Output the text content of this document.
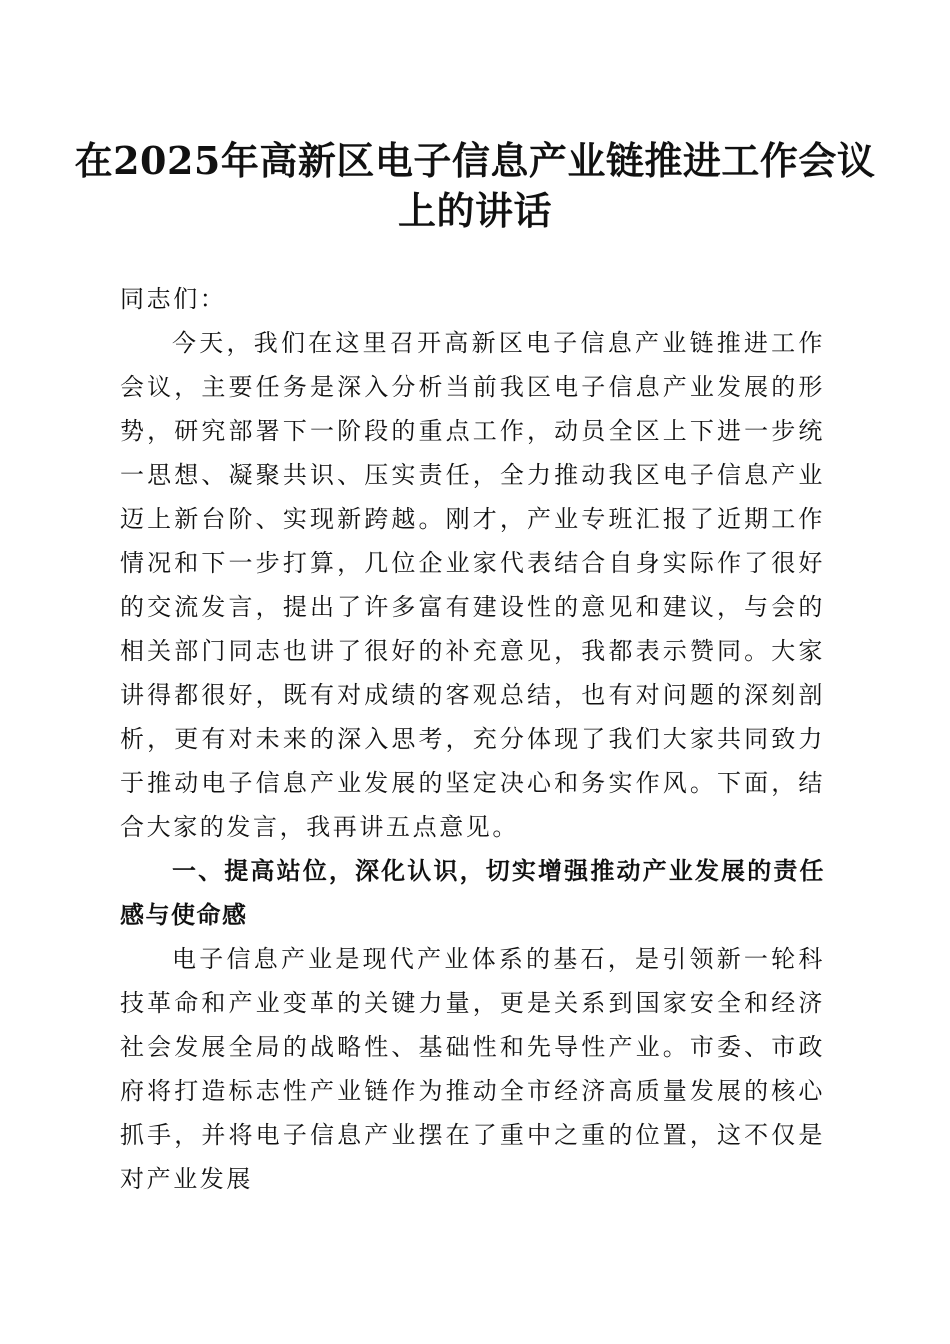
在2025年高新区电子信息产业链推进工作会议上的讲话

同志们：

今天，我们在这里召开高新区电子信息产业链推进工作会议，主要任务是深入分析当前我区电子信息产业发展的形势，研究部署下一阶段的重点工作，动员全区上下进一步统一思想、凝聚共识、压实责任，全力推动我区电子信息产业迈上新台阶、实现新跨越。刚才，产业专班汇报了近期工作情况和下一步打算，几位企业家代表结合自身实际作了很好的交流发言，提出了许多富有建设性的意见和建议，与会的相关部门同志也讲了很好的补充意见，我都表示赞同。大家讲得都很好，既有对成绩的客观总结，也有对问题的深刻剖析，更有对未来的深入思考，充分体现了我们大家共同致力于推动电子信息产业发展的坚定决心和务实作风。下面，结合大家的发言，我再讲五点意见。

一、提高站位，深化认识，切实增强推动产业发展的责任感与使命感

电子信息产业是现代产业体系的基石，是引领新一轮科技革命和产业变革的关键力量，更是关系到国家安全和经济社会发展全局的战略性、基础性和先导性产业。市委、市政府将打造标志性产业链作为推动全市经济高质量发展的核心抓手，并将电子信息产业摆在了重中之重的位置，这不仅是对产业发展
